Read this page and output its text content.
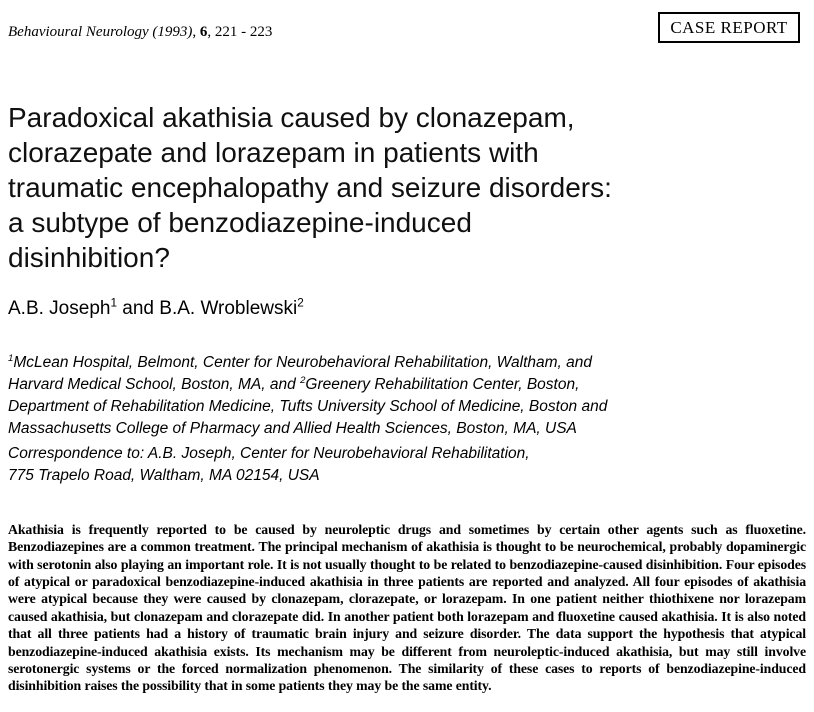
Behavioural Neurology (1993), 6, 221 - 223	CASE REPORT
Paradoxical akathisia caused by clonazepam,
clorazepate and lorazepam in patients with
traumatic encephalopathy and seizure disorders:
a subtype of benzodiazepine-induced
disinhibition?
A.B. Joseph$^1$ and B.A. Wroblewski$^2$
$^1$McLean Hospital, Belmont, Center for Neurobehavioral Rehabilitation, Waltham, and Harvard Medical School, Boston, MA, and $^2$Greenery Rehabilitation Center, Boston, Department of Rehabilitation Medicine, Tufts University School of Medicine, Boston and Massachusetts College of Pharmacy and Allied Health Sciences, Boston, MA, USA
Correspondence to: A.B. Joseph, Center for Neurobehavioral Rehabilitation,
775 Trapelo Road, Waltham, MA 02154, USA

Akathisia is frequently reported to be caused by neuroleptic drugs and sometimes by certain other agents such as fluoxetine. Benzodiazepines are a common treatment. The principal mechanism of akathisia is thought to be neurochemical, probably dopaminergic with serotonin also playing an important role. It is not usually thought to be related to benzodiazepine-caused disinhibition. Four episodes of atypical or paradoxical benzodiazepine-induced akathisia in three patients are reported and analyzed. All four episodes of akathisia were atypical because they were caused by clonazepam, clorazepate, or lorazepam. In one patient neither thiothixene nor lorazepam caused akathisia, but clonazepam and clorazepate did. In another patient both lorazepam and fluoxetine caused akathisia. It is also noted that all three patients had a history of traumatic brain injury and seizure disorder. The data support the hypothesis that atypical benzodiazepine-induced akathisia exists. Its mechanism may be different from neuroleptic-induced akathisia, but may still involve serotonergic systems or the forced normalization phenomenon. The similarity of these cases to reports of benzodiazepine-induced disinhibition raises the possibility that in some patients they may be the same entity.
